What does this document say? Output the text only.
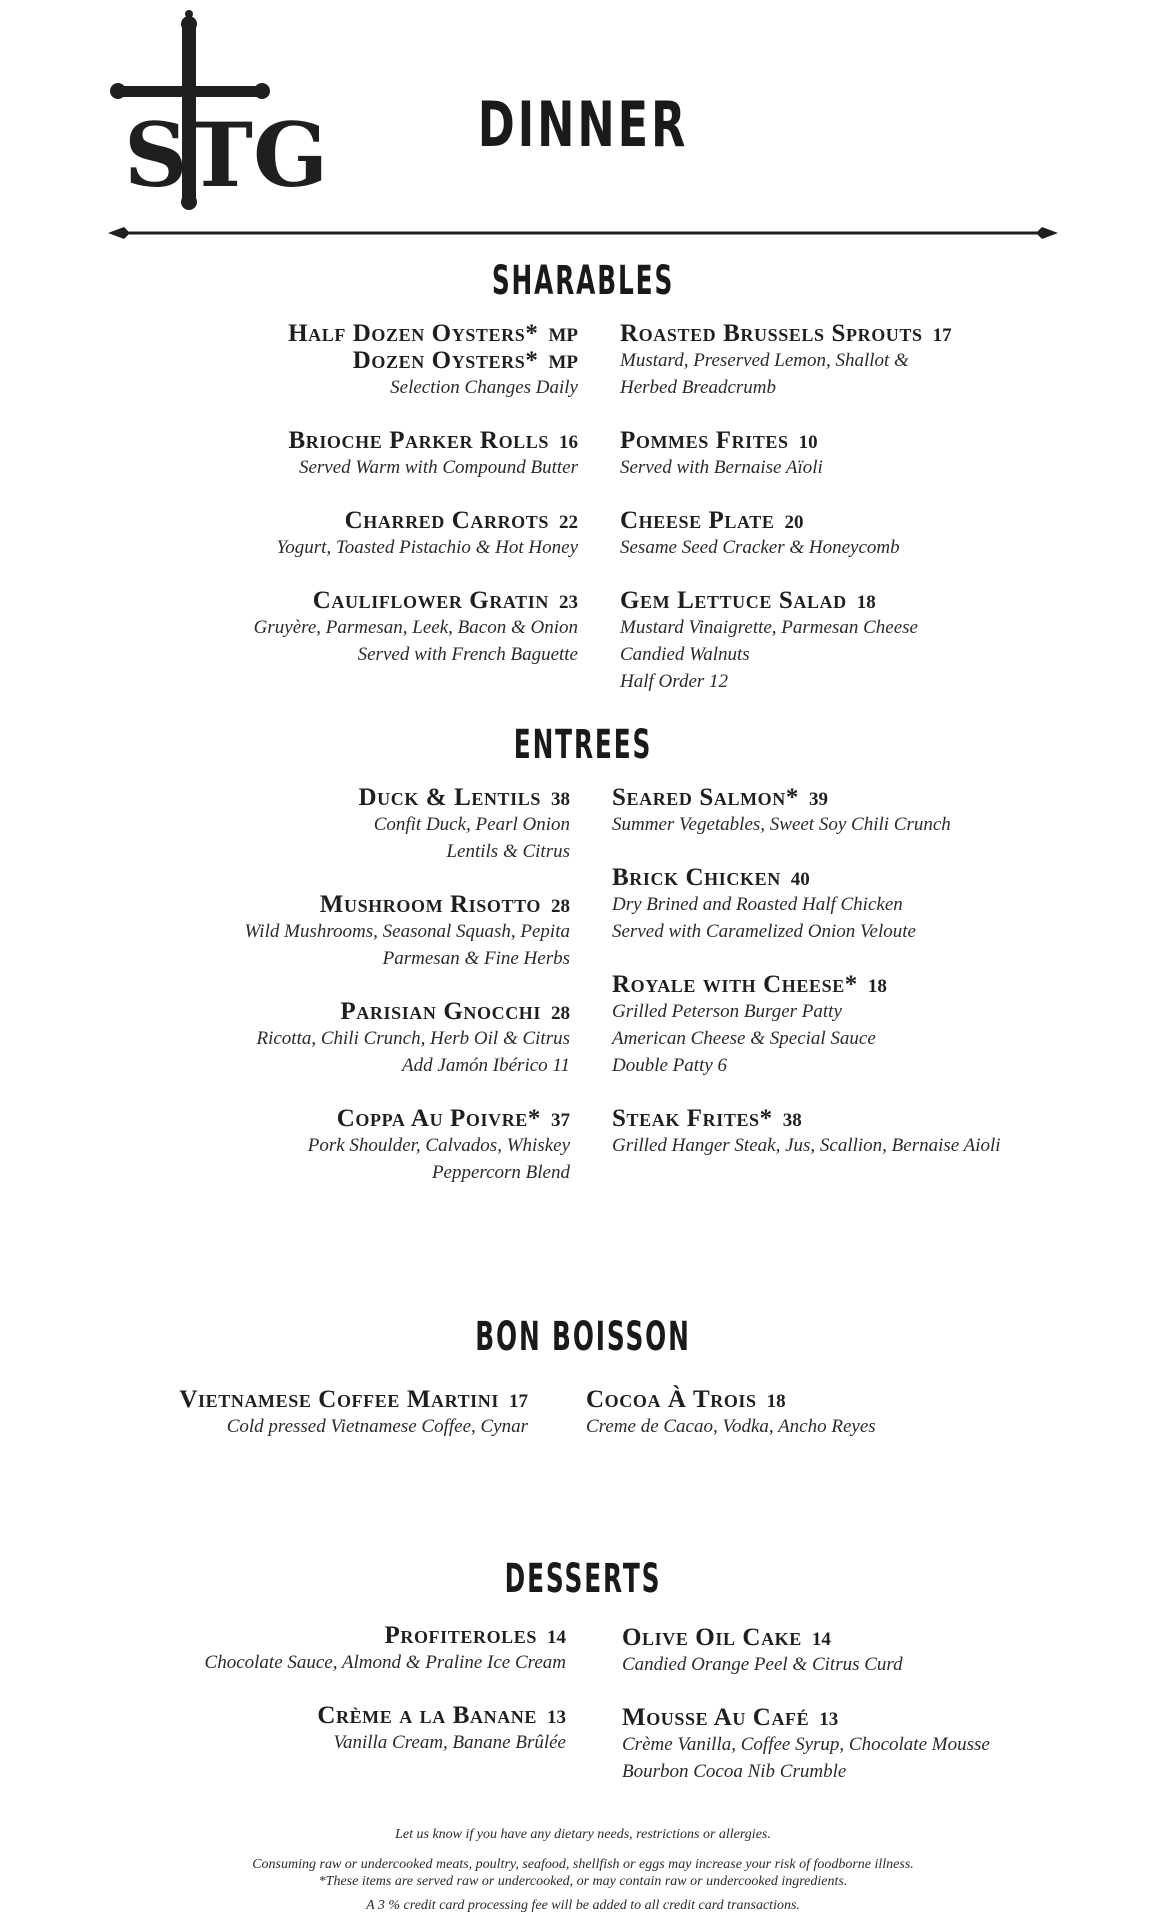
STG	DINNER
SHARABLES
Half Dozen Oysters* MP
Dozen Oysters* MP
Selection Changes Daily
Brioche Parker Rolls 16
Served Warm with Compound Butter
Charred Carrots 22
Yogurt, Toasted Pistachio & Hot Honey
Cauliflower Gratin 23
Gruyère, Parmesan, Leek, Bacon & Onion
Served with French Baguette
Roasted Brussels Sprouts 17
Mustard, Preserved Lemon, Shallot &
Herbed Breadcrumb
Pommes Frites 10
Served with Bernaise Aïoli
Cheese Plate 20
Sesame Seed Cracker & Honeycomb
Gem Lettuce Salad 18
Mustard Vinaigrette, Parmesan Cheese
Candied Walnuts
Half Order 12
ENTREES
Duck & Lentils 38
Confit Duck, Pearl Onion
Lentils & Citrus
Mushroom Risotto 28
Wild Mushrooms, Seasonal Squash, Pepita
Parmesan & Fine Herbs
Parisian Gnocchi 28
Ricotta, Chili Crunch, Herb Oil & Citrus
Add Jamón Ibérico 11
Coppa Au Poivre* 37
Pork Shoulder, Calvados, Whiskey
Peppercorn Blend
Seared Salmon* 39
Summer Vegetables, Sweet Soy Chili Crunch
Brick Chicken 40
Dry Brined and Roasted Half Chicken
Served with Caramelized Onion Veloute
Royale with Cheese* 18
Grilled Peterson Burger Patty
American Cheese & Special Sauce
Double Patty 6
Steak Frites* 38
Grilled Hanger Steak, Jus, Scallion, Bernaise Aioli
BON BOISSON
Vietnamese Coffee Martini 17
Cold pressed Vietnamese Coffee, Cynar
Cocoa À Trois 18
Creme de Cacao, Vodka, Ancho Reyes
DESSERTS
Profiteroles 14
Chocolate Sauce, Almond & Praline Ice Cream
Crème a la Banane 13
Vanilla Cream, Banane Brûlée
Olive Oil Cake 14
Candied Orange Peel & Citrus Curd
Mousse Au Café 13
Crème Vanilla, Coffee Syrup, Chocolate Mousse
Bourbon Cocoa Nib Crumble
Let us know if you have any dietary needs, restrictions or allergies.
Consuming raw or undercooked meats, poultry, seafood, shellfish or eggs may increase your risk of foodborne illness.
*These items are served raw or undercooked, or may contain raw or undercooked ingredients.
A 3 % credit card processing fee will be added to all credit card transactions.
